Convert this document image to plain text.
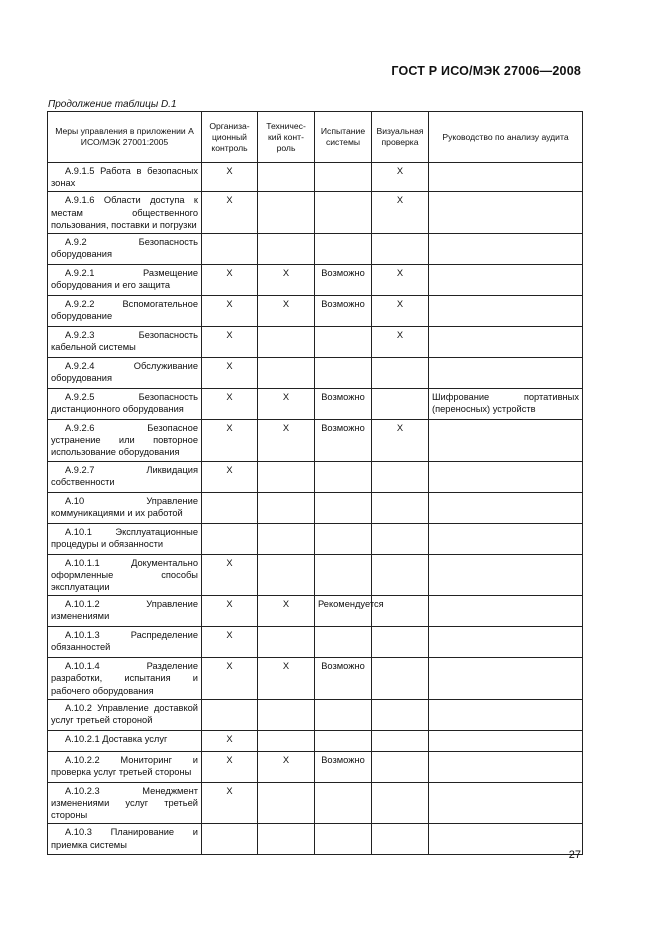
ГОСТ Р ИСО/МЭК 27006—2008
Продолжение таблицы D.1
Меры управления в приложении А ИСО/МЭК 27001:2005	Организа-ционный контроль	Техничес-кий конт-роль	Испытание системы	Визуальная проверка	Руководство по анализу аудита
A.9.1.5 Работа в безопасных зонах	X			X	
A.9.1.6 Области доступа к местам общественного пользования, поставки и погрузки	X			X	
A.9.2 Безопасность оборудования					
A.9.2.1 Размещение оборудования и его защита	X	X	Возможно	X	
A.9.2.2 Вспомогательное оборудование	X	X	Возможно	X	
A.9.2.3 Безопасность кабельной системы	X			X	
A.9.2.4 Обслуживание оборудования	X				
A.9.2.5 Безопасность дистанционного оборудования	X	X	Возможно		Шифрование портативных (переносных) устройств
A.9.2.6 Безопасное устранение или повторное использование оборудования	X	X	Возможно	X	
A.9.2.7 Ликвидация собственности	X				
A.10 Управление коммуникациями и их работой					
A.10.1 Эксплуатационные процедуры и обязанности					
A.10.1.1 Документально оформленные способы эксплуатации	X				
A.10.1.2 Управление изменениями	X	X	Рекомендуется		
A.10.1.3 Распределение обязанностей	X				
A.10.1.4 Разделение разработки, испытания и рабочего оборудования	X	X	Возможно		
A.10.2 Управление доставкой услуг третьей стороной					
A.10.2.1 Доставка услуг	X				
A.10.2.2 Мониторинг и проверка услуг третьей стороны	X	X	Возможно		
A.10.2.3 Менеджмент изменениями услуг третьей стороны	X				
A.10.3 Планирование и приемка системы					
27
